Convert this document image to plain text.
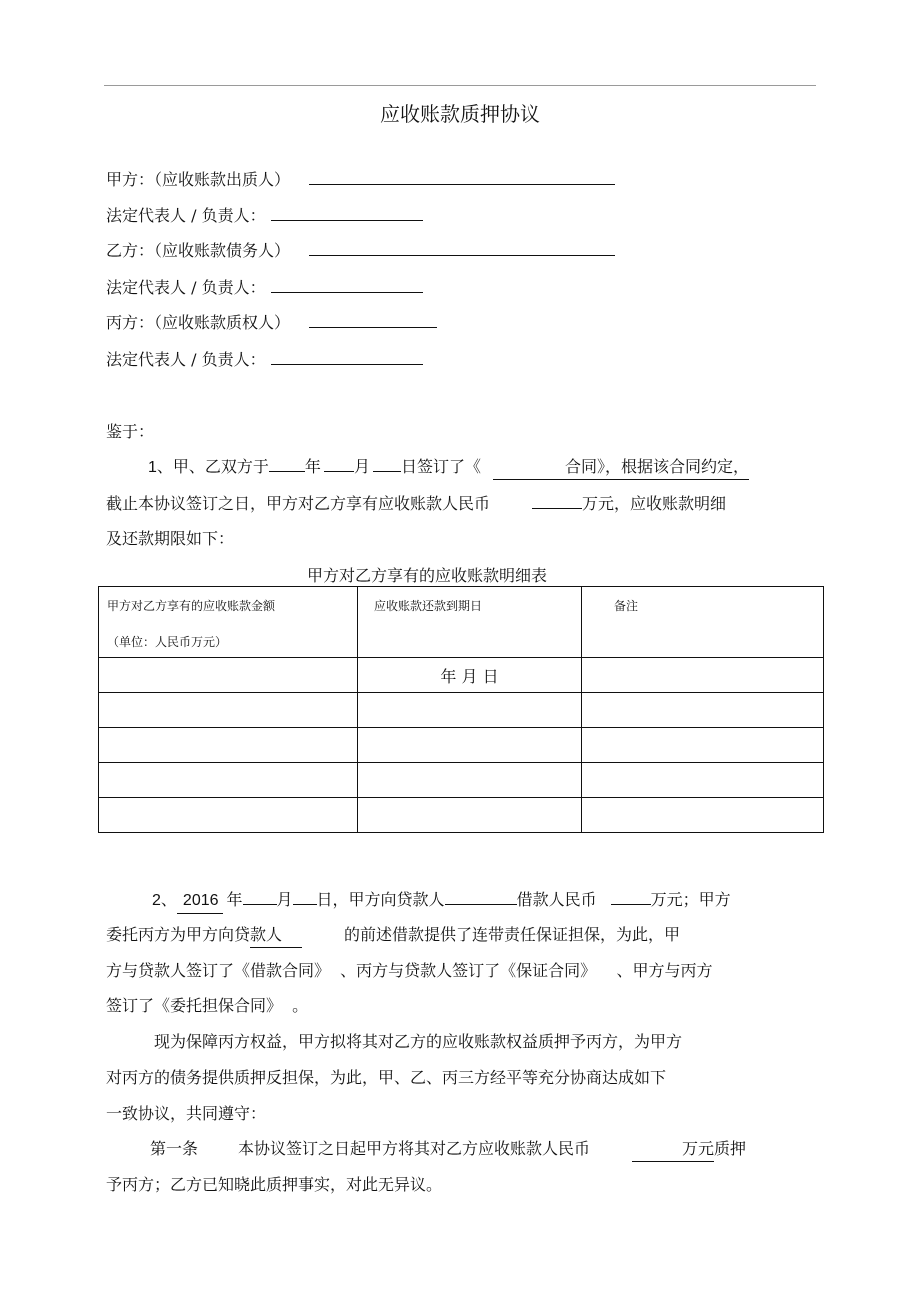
应收账款质押协议
甲方：（应收账款出质人）
法定代表人 / 负责人：
乙方：（应收账款债务人）
法定代表人 / 负责人：
丙方：（应收账款质权人）
法定代表人 / 负责人：
鉴于：
1、甲、乙双方于 年 月 日签订了《	合同》，根据该合同约定，
截止本协议签订之日，甲方对乙方享有应收账款人民币	万元，应收账款明细
及还款期限如下：
甲方对乙方享有的应收账款明细表
甲方对乙方享有的应收账款金额
（单位：人民币万元）	应收账款还款到期日	备注

	年 月 日	

2、 2016 年 月 日，甲方向贷款人	借款人民币	万元；甲方
委托丙方为甲方向贷款人	的前述借款提供了连带责任保证担保，为此，甲
方与贷款人签订了《借款合同》  、丙方与贷款人签订了《保证合同》    、甲方与丙方
签订了《委托担保合同》  。
现为保障丙方权益，甲方拟将其对乙方的应收账款权益质押予丙方，为甲方
对丙方的债务提供质押反担保，为此，甲、乙、丙三方经平等充分协商达成如下
一致协议，共同遵守：
第一条	本协议签订之日起甲方将其对乙方应收账款人民币	万元质押
予丙方；乙方已知晓此质押事实，对此无异议。
